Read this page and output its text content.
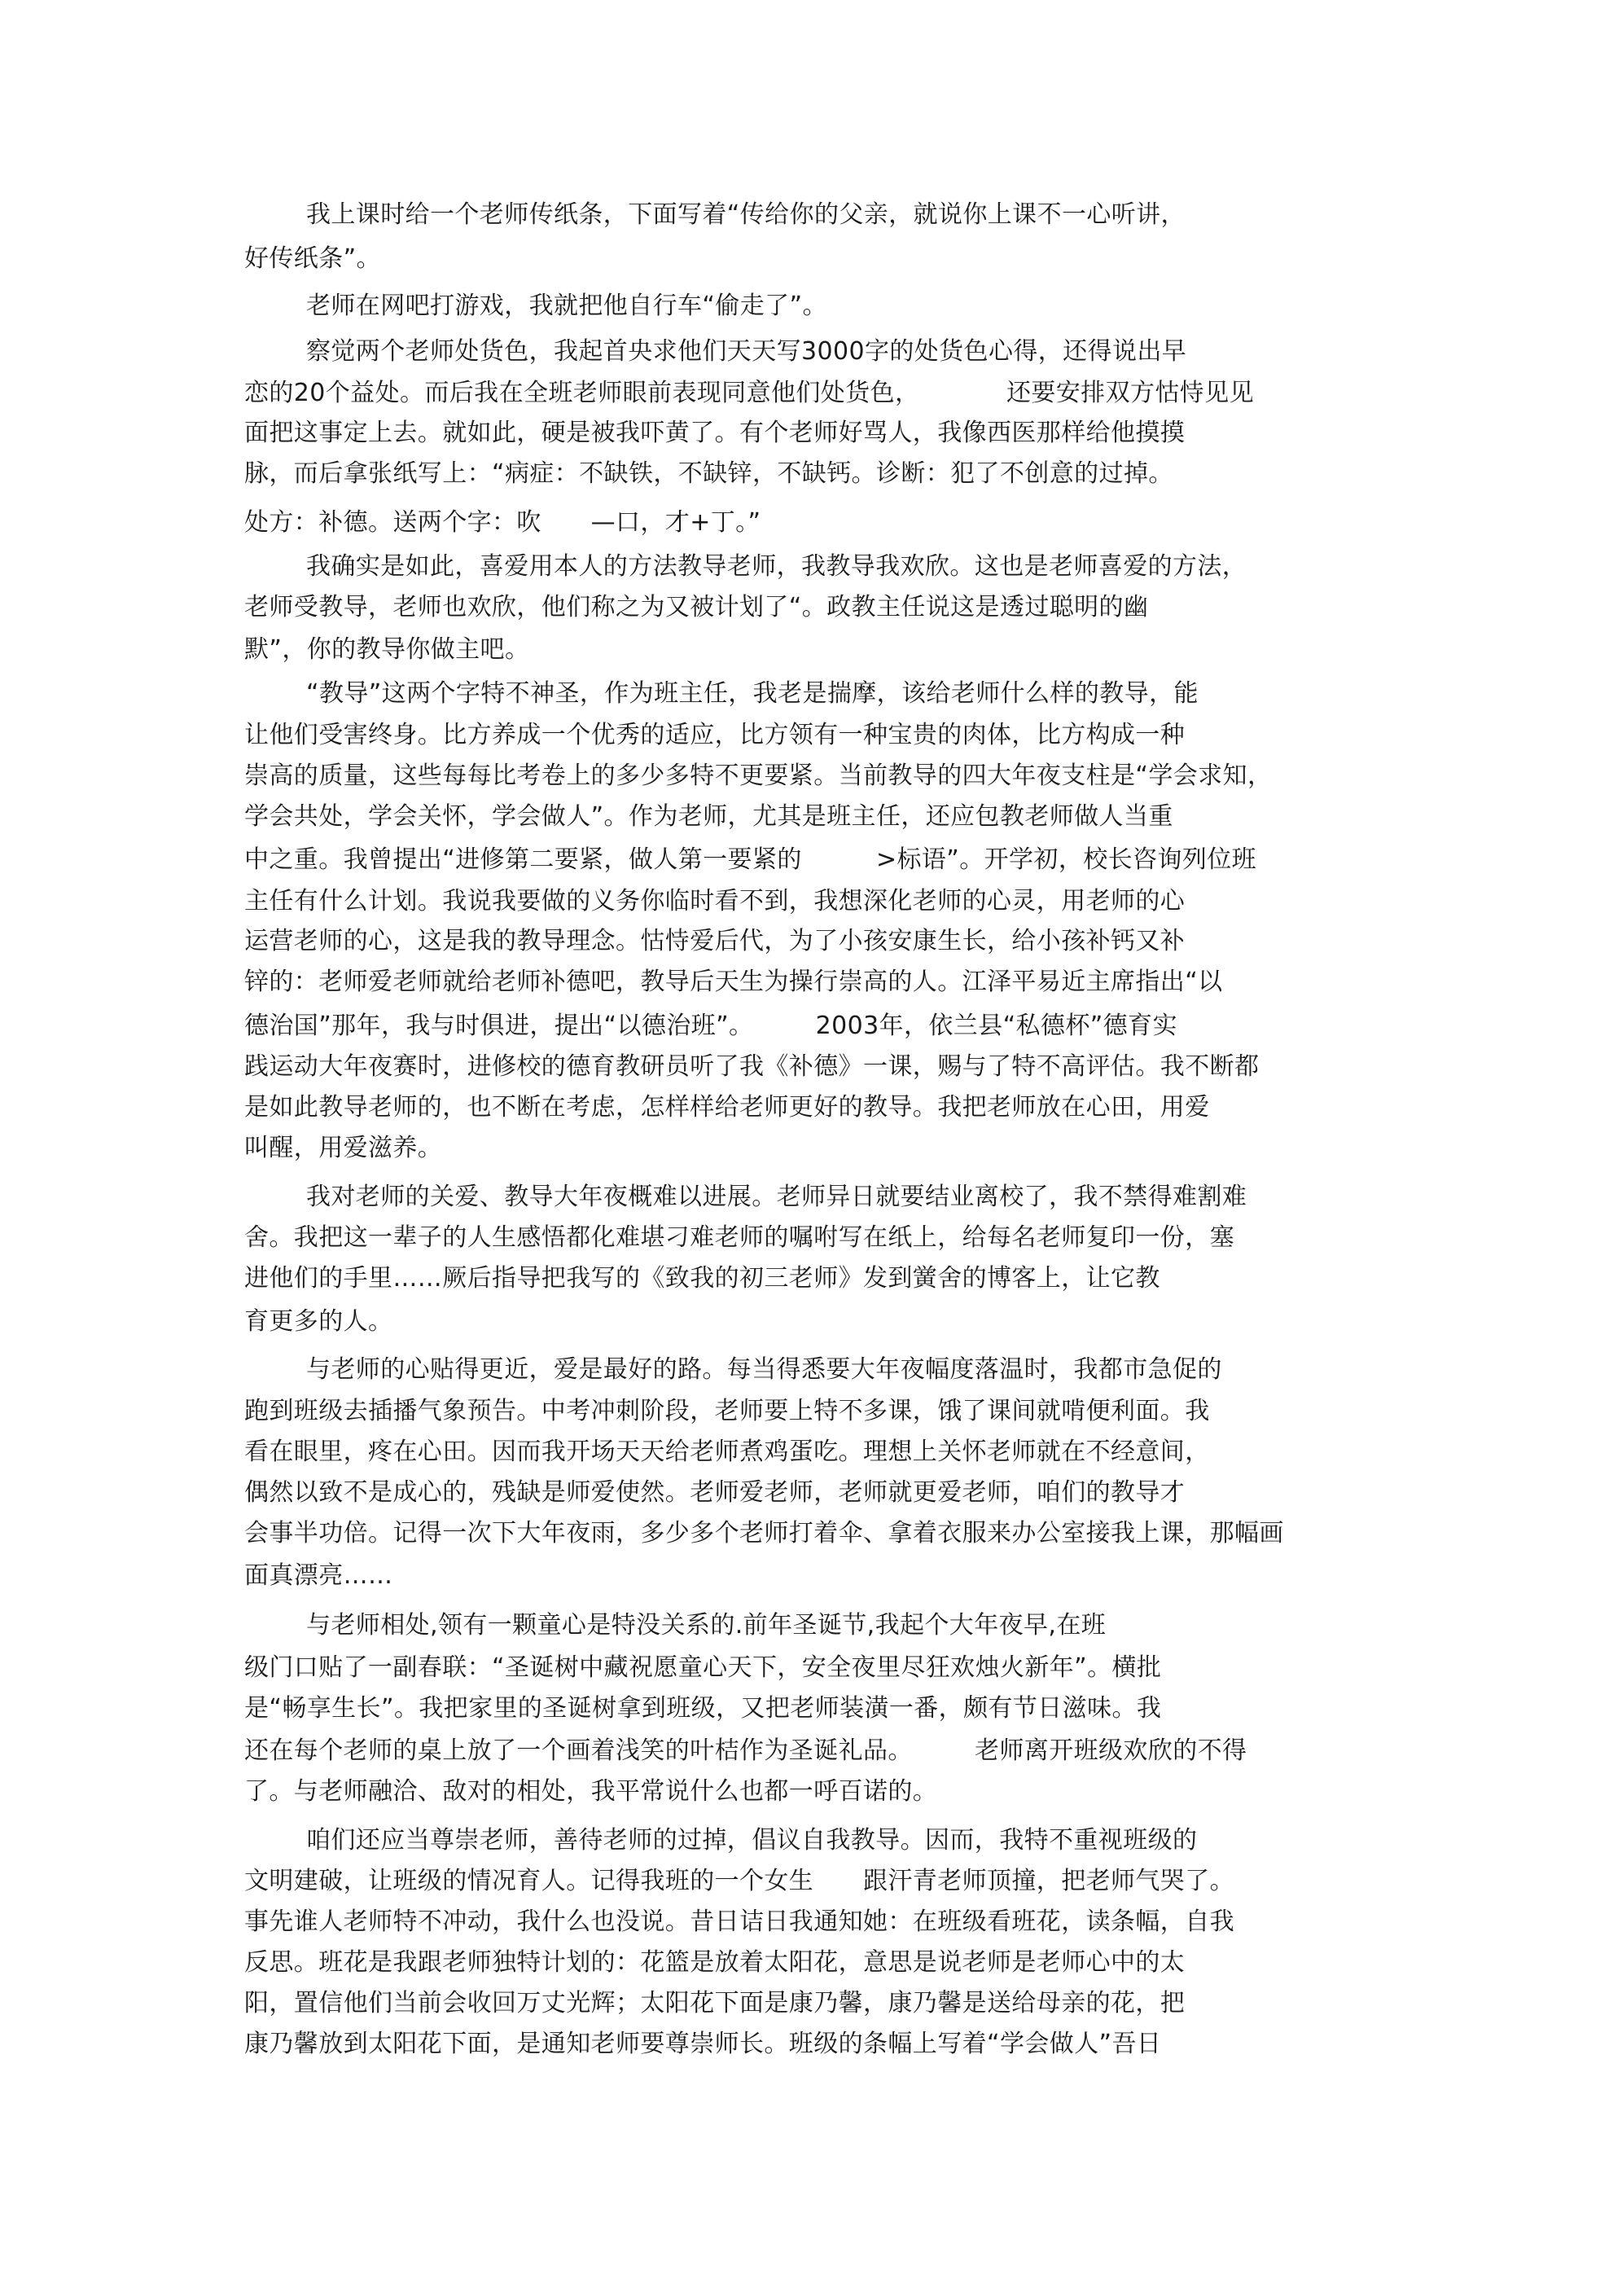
我上课时给一个老师传纸条，下面写着“传给你的父亲，就说你上课不一心听讲，
好传纸条”。
老师在网吧打游戏，我就把他自行车“偷走了”。
察觉两个老师处货色，我起首央求他们天天写3000字的处货色心得，还得说出早
恋的20个益处。而后我在全班老师眼前表现同意他们处货色，　　　　还要安排双方怙恃见见
面把这事定上去。就如此，硬是被我吓黄了。有个老师好骂人，我像西医那样给他摸摸
脉，而后拿张纸写上：“病症：不缺铁，不缺锌，不缺钙。诊断：犯了不创意的过掉。
处方：补德。送两个字：吹　　—口，才+丁。”
我确实是如此，喜爱用本人的方法教导老师，我教导我欢欣。这也是老师喜爱的方法，
老师受教导，老师也欢欣，他们称之为又被计划了“。政教主任说这是透过聪明的幽
默”，你的教导你做主吧。
“教导”这两个字特不神圣，作为班主任，我老是揣摩，该给老师什么样的教导，能
让他们受害终身。比方养成一个优秀的适应，比方领有一种宝贵的肉体，比方构成一种
崇高的质量，这些每每比考卷上的多少多特不更要紧。当前教导的四大年夜支柱是“学会求知，
学会共处，学会关怀，学会做人”。作为老师，尤其是班主任，还应包教老师做人当重
中之重。我曾提出“进修第二要紧，做人第一要紧的　　　>标语”。开学初，校长咨询列位班
主任有什么计划。我说我要做的义务你临时看不到，我想深化老师的心灵，用老师的心
运营老师的心，这是我的教导理念。怙恃爱后代，为了小孩安康生长，给小孩补钙又补
锌的：老师爱老师就给老师补德吧，教导后天生为操行崇高的人。江泽平易近主席指出“以
德治国”那年，我与时俱进，提出“以德治班”。　　　2003年，依兰县“私德杯”德育实
践运动大年夜赛时，进修校的德育教研员听了我《补德》一课，赐与了特不高评估。我不断都
是如此教导老师的，也不断在考虑，怎样样给老师更好的教导。我把老师放在心田，用爱
叫醒，用爱滋养。
我对老师的关爱、教导大年夜概难以进展。老师异日就要结业离校了，我不禁得难割难
舍。我把这一辈子的人生感悟都化难堪刁难老师的嘱咐写在纸上，给每名老师复印一份，塞
进他们的手里……厥后指导把我写的《致我的初三老师》发到黉舍的博客上，让它教
育更多的人。
与老师的心贴得更近，爱是最好的路。每当得悉要大年夜幅度落温时，我都市急促的
跑到班级去插播气象预告。中考冲刺阶段，老师要上特不多课，饿了课间就啃便利面。我
看在眼里，疼在心田。因而我开场天天给老师煮鸡蛋吃。理想上关怀老师就在不经意间，
偶然以致不是成心的，残缺是师爱使然。老师爱老师，老师就更爱老师，咱们的教导才
会事半功倍。记得一次下大年夜雨，多少多个老师打着伞、拿着衣服来办公室接我上课，那幅画
面真漂亮……
与老师相处,领有一颗童心是特没关系的.前年圣诞节,我起个大年夜早,在班
级门口贴了一副春联：“圣诞树中藏祝愿童心天下，安全夜里尽狂欢烛火新年”。横批
是“畅享生长”。我把家里的圣诞树拿到班级，又把老师装潢一番，颇有节日滋味。我
还在每个老师的桌上放了一个画着浅笑的叶桔作为圣诞礼品。　　　老师离开班级欢欣的不得
了。与老师融洽、敌对的相处，我平常说什么也都一呼百诺的。
咱们还应当尊崇老师，善待老师的过掉，倡议自我教导。因而，我特不重视班级的
文明建破，让班级的情况育人。记得我班的一个女生　　跟汗青老师顶撞，把老师气哭了。
事先谁人老师特不冲动，我什么也没说。昔日诘日我通知她：在班级看班花，读条幅，自我
反思。班花是我跟老师独特计划的：花篮是放着太阳花，意思是说老师是老师心中的太
阳，置信他们当前会收回万丈光辉；太阳花下面是康乃馨，康乃馨是送给母亲的花，把
康乃馨放到太阳花下面，是通知老师要尊崇师长。班级的条幅上写着“学会做人”吾日
